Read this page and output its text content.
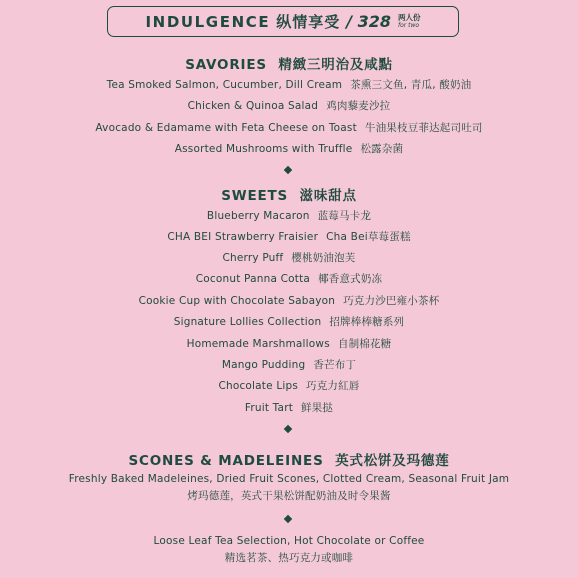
INDULGENCE 纵情享受 / 328 两人份
for two
SAVORIES 精緻三明治及咸點
Tea Smoked Salmon, Cucumber, Dill Cream 茶熏三文鱼, 青瓜, 酸奶油
Chicken & Quinoa Salad 鸡肉藜麦沙拉
Avocado & Edamame with Feta Cheese on Toast 牛油果枝豆菲达起司吐司
Assorted Mushrooms with Truffle 松露杂菌
SWEETS 滋味甜点
Blueberry Macaron 蓝莓马卡龙
CHA BEI Strawberry Fraisier Cha Bei草莓蛋糕
Cherry Puff 樱桃奶油泡芙
Coconut Panna Cotta 椰香意式奶冻
Cookie Cup with Chocolate Sabayon 巧克力沙巴雍小茶杯
Signature Lollies Collection 招牌棒棒糖系列
Homemade Marshmallows 自制棉花糖
Mango Pudding 香芒布丁
Chocolate Lips 巧克力紅唇
Fruit Tart 鲜果挞
SCONES & MADELEINES 英式松饼及玛德莲
Freshly Baked Madeleines, Dried Fruit Scones, Clotted Cream, Seasonal Fruit Jam
烤玛德莲，英式干果松饼配奶油及时令果酱
Loose Leaf Tea Selection, Hot Chocolate or Coffee
精选茗茶、热巧克力或咖啡
